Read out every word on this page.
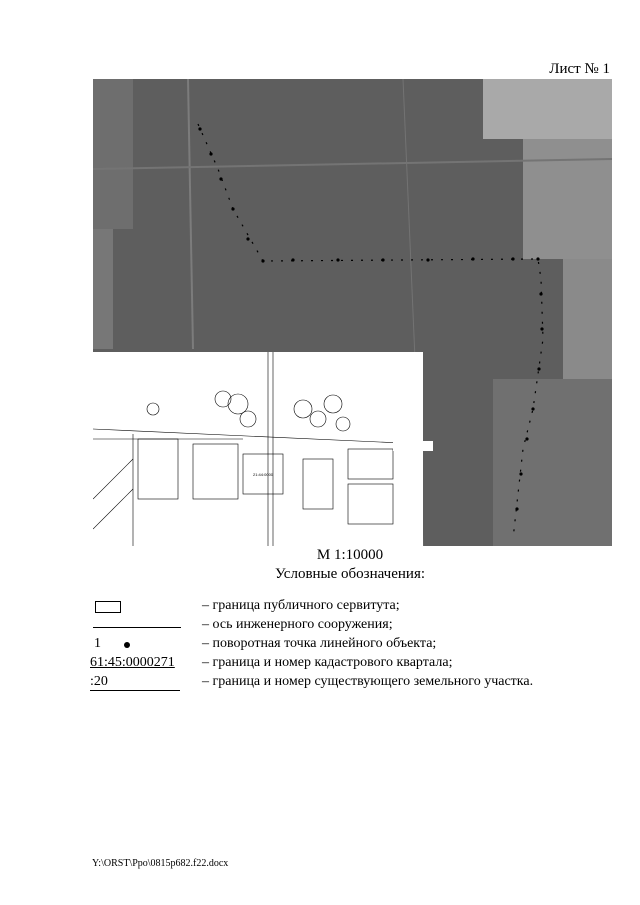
Лист № 1
21:44:0000
М 1:10000
Условные обозначения:
– граница публичного сервитута;
– ось инженерного сооружения;
1	– поворотная точка линейного объекта;
61:45:0000271 – граница и номер кадастрового квартала;
:20	– граница и номер существующего земельного участка.
Y:\ORST\Ppo\0815p682.f22.docx
